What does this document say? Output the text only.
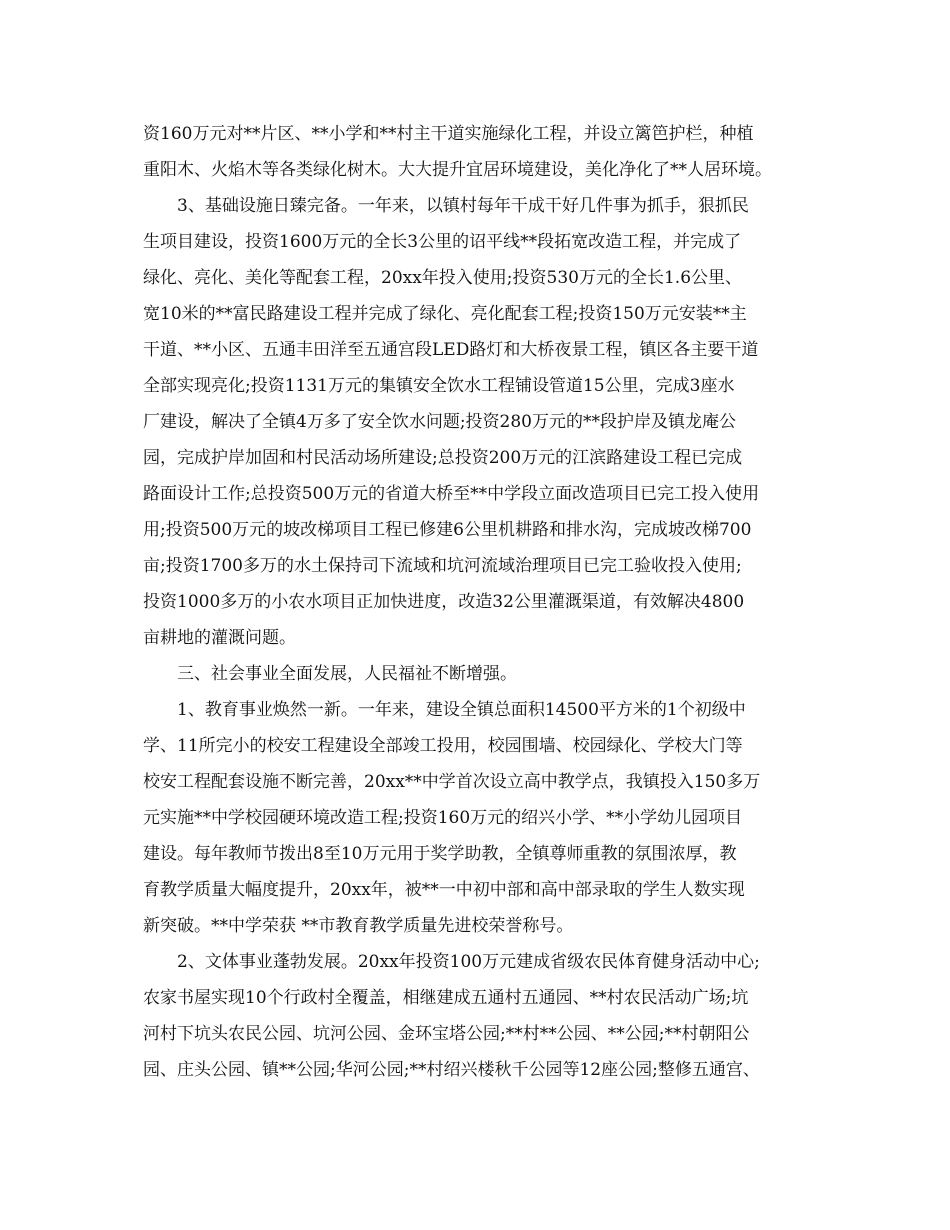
资160万元对**片区、**小学和**村主干道实施绿化工程，并设立篱笆护栏，种植
重阳木、火焰木等各类绿化树木。大大提升宜居环境建设，美化净化了**人居环境。
3、基础设施日臻完备。一年来，以镇村每年干成干好几件事为抓手，狠抓民
生项目建设，投资1600万元的全长3公里的诏平线**段拓宽改造工程，并完成了
绿化、亮化、美化等配套工程，20xx年投入使用;投资530万元的全长1.6公里、
宽10米的**富民路建设工程并完成了绿化、亮化配套工程;投资150万元安装**主
干道、**小区、五通丰田洋至五通宫段LED路灯和大桥夜景工程，镇区各主要干道
全部实现亮化;投资1131万元的集镇安全饮水工程铺设管道15公里，完成3座水
厂建设，解决了全镇4万多了安全饮水问题;投资280万元的**段护岸及镇龙庵公
园，完成护岸加固和村民活动场所建设;总投资200万元的江滨路建设工程已完成
路面设计工作;总投资500万元的省道大桥至**中学段立面改造项目已完工投入使用
用;投资500万元的坡改梯项目工程已修建6公里机耕路和排水沟，完成坡改梯700
亩;投资1700多万的水土保持司下流域和坑河流域治理项目已完工验收投入使用;
投资1000多万的小农水项目正加快进度，改造32公里灌溉渠道，有效解决4800
亩耕地的灌溉问题。
三、社会事业全面发展，人民福祉不断增强。
1、教育事业焕然一新。一年来，建设全镇总面积14500平方米的1个初级中
学、11所完小的校安工程建设全部竣工投用，校园围墙、校园绿化、学校大门等
校安工程配套设施不断完善，20xx**中学首次设立高中教学点，我镇投入150多万
元实施**中学校园硬环境改造工程;投资160万元的绍兴小学、**小学幼儿园项目
建设。每年教师节拨出8至10万元用于奖学助教，全镇尊师重教的氛围浓厚，教
育教学质量大幅度提升，20xx年，被**一中初中部和高中部录取的学生人数实现
新突破。**中学荣获 **市教育教学质量先进校荣誉称号。
2、文体事业蓬勃发展。20xx年投资100万元建成省级农民体育健身活动中心;
农家书屋实现10个行政村全覆盖，相继建成五通村五通园、**村农民活动广场;坑
河村下坑头农民公园、坑河公园、金环宝塔公园;**村**公园、**公园;**村朝阳公
园、庄头公园、镇**公园;华河公园;**村绍兴楼秋千公园等12座公园;整修五通宫、
